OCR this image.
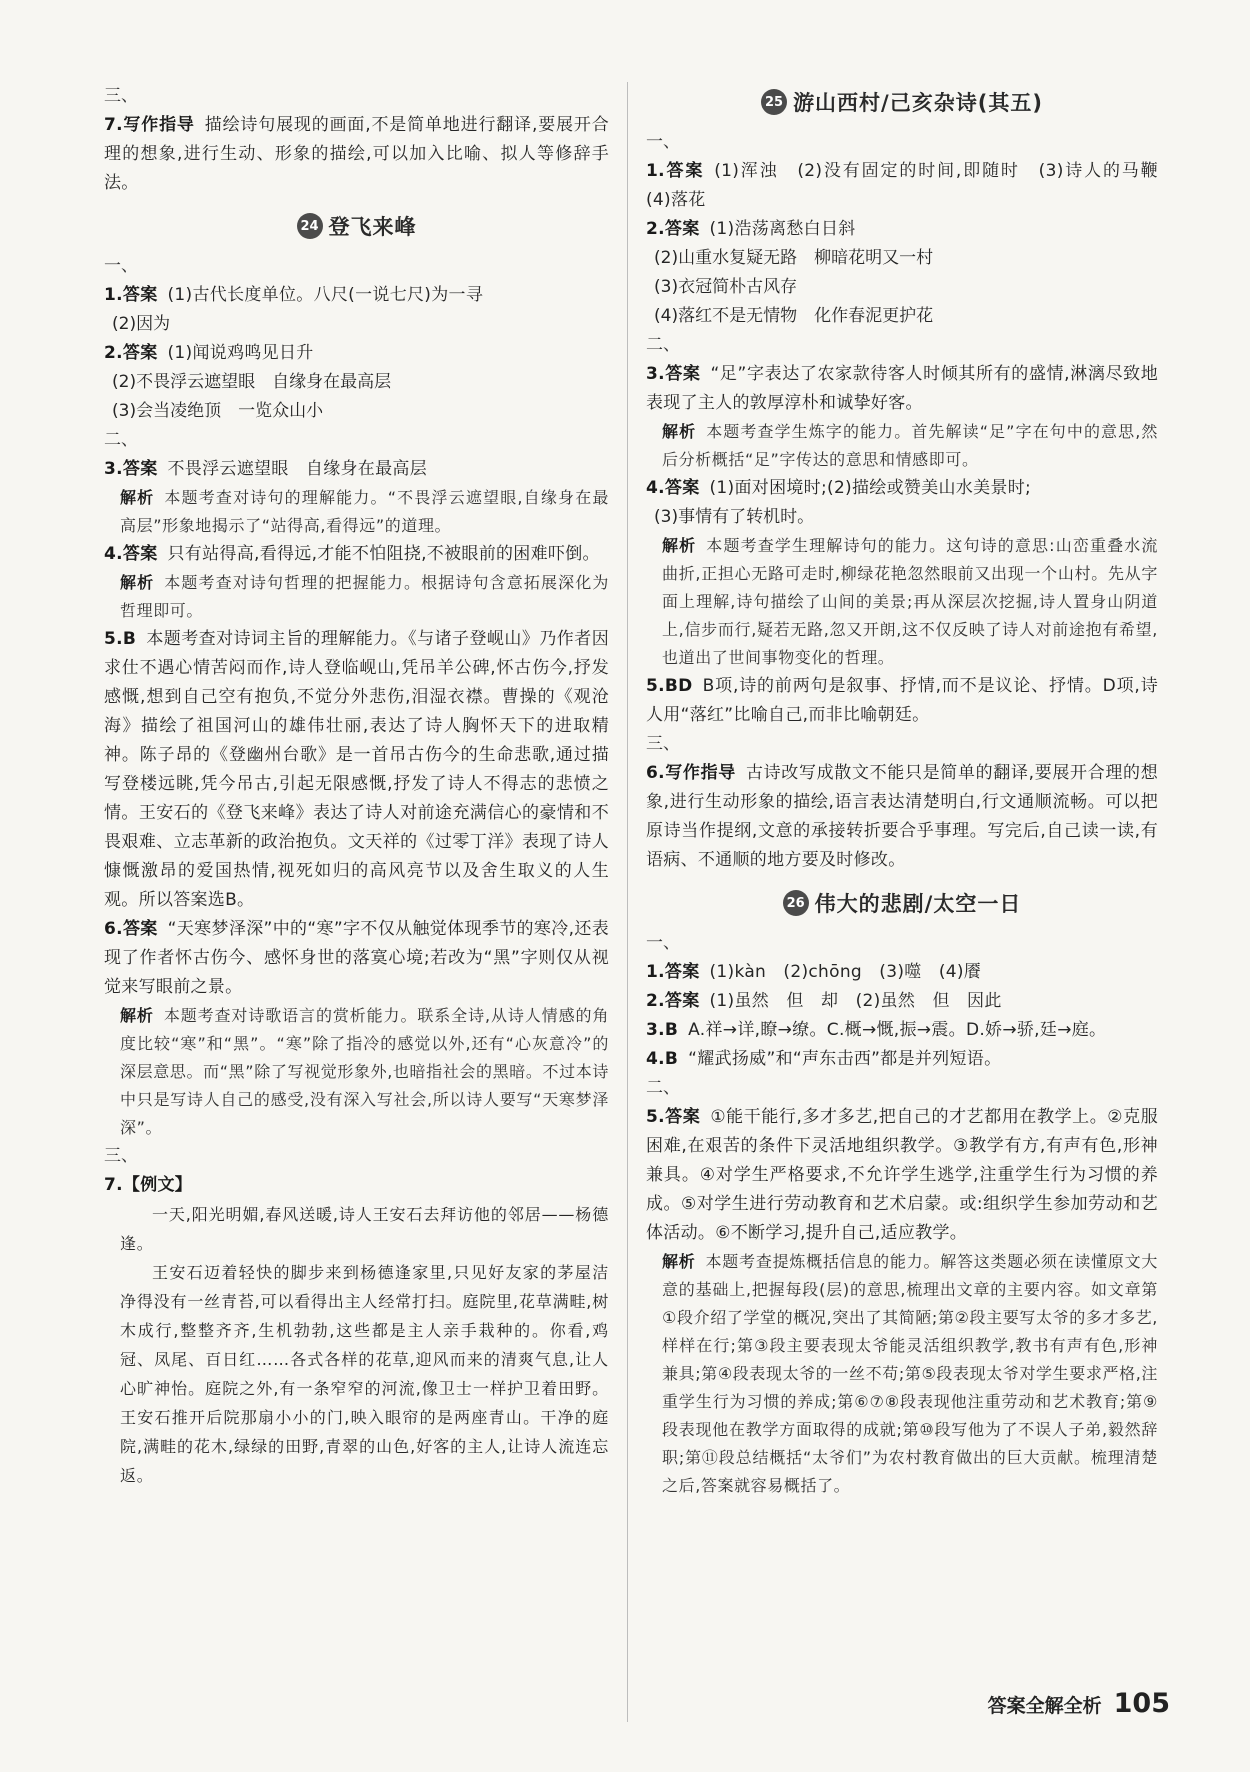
三、
7.写作指导 描绘诗句展现的画面,不是简单地进行翻译,要展开合理的想象,进行生动、形象的描绘,可以加入比喻、拟人等修辞手法。
24 登飞来峰
一、
1.答案 (1)古代长度单位。八尺(一说七尺)为一寻
(2)因为
2.答案 (1)闻说鸡鸣见日升
(2)不畏浮云遮望眼　自缘身在最高层
(3)会当凌绝顶　一览众山小
二、
3.答案 不畏浮云遮望眼　自缘身在最高层
解析 本题考查对诗句的理解能力。“不畏浮云遮望眼,自缘身在最高层”形象地揭示了“站得高,看得远”的道理。
4.答案 只有站得高,看得远,才能不怕阻挠,不被眼前的困难吓倒。
解析 本题考查对诗句哲理的把握能力。根据诗句含意拓展深化为哲理即可。
5.B 本题考查对诗词主旨的理解能力。《与诸子登岘山》乃作者因求仕不遇心情苦闷而作,诗人登临岘山,凭吊羊公碑,怀古伤今,抒发感慨,想到自己空有抱负,不觉分外悲伤,泪湿衣襟。曹操的《观沧海》描绘了祖国河山的雄伟壮丽,表达了诗人胸怀天下的进取精神。陈子昂的《登幽州台歌》是一首吊古伤今的生命悲歌,通过描写登楼远眺,凭今吊古,引起无限感慨,抒发了诗人不得志的悲愤之情。王安石的《登飞来峰》表达了诗人对前途充满信心的豪情和不畏艰难、立志革新的政治抱负。文天祥的《过零丁洋》表现了诗人慷慨激昂的爱国热情,视死如归的高风亮节以及舍生取义的人生观。所以答案选B。
6.答案 “天寒梦泽深”中的“寒”字不仅从触觉体现季节的寒冷,还表现了作者怀古伤今、感怀身世的落寞心境;若改为“黑”字则仅从视觉来写眼前之景。
解析 本题考查对诗歌语言的赏析能力。联系全诗,从诗人情感的角度比较“寒”和“黑”。“寒”除了指冷的感觉以外,还有“心灰意冷”的深层意思。而“黑”除了写视觉形象外,也暗指社会的黑暗。不过本诗中只是写诗人自己的感受,没有深入写社会,所以诗人要写“天寒梦泽深”。
三、
7.【例文】
一天,阳光明媚,春风送暖,诗人王安石去拜访他的邻居——杨德逢。
王安石迈着轻快的脚步来到杨德逢家里,只见好友家的茅屋洁净得没有一丝青苔,可以看得出主人经常打扫。庭院里,花草满畦,树木成行,整整齐齐,生机勃勃,这些都是主人亲手栽种的。你看,鸡冠、凤尾、百日红……各式各样的花草,迎风而来的清爽气息,让人心旷神怡。庭院之外,有一条窄窄的河流,像卫士一样护卫着田野。王安石推开后院那扇小小的门,映入眼帘的是两座青山。干净的庭院,满畦的花木,绿绿的田野,青翠的山色,好客的主人,让诗人流连忘返。
25 游山西村/己亥杂诗(其五)
一、
1.答案 (1)浑浊　(2)没有固定的时间,即随时　(3)诗人的马鞭　(4)落花
2.答案 (1)浩荡离愁白日斜
(2)山重水复疑无路　柳暗花明又一村
(3)衣冠简朴古风存
(4)落红不是无情物　化作春泥更护花
二、
3.答案 “足”字表达了农家款待客人时倾其所有的盛情,淋漓尽致地表现了主人的敦厚淳朴和诚挚好客。
解析 本题考查学生炼字的能力。首先解读“足”字在句中的意思,然后分析概括“足”字传达的意思和情感即可。
4.答案 (1)面对困境时;(2)描绘或赞美山水美景时;
(3)事情有了转机时。
解析 本题考查学生理解诗句的能力。这句诗的意思:山峦重叠水流曲折,正担心无路可走时,柳绿花艳忽然眼前又出现一个山村。先从字面上理解,诗句描绘了山间的美景;再从深层次挖掘,诗人置身山阴道上,信步而行,疑若无路,忽又开朗,这不仅反映了诗人对前途抱有希望,也道出了世间事物变化的哲理。
5.BD B项,诗的前两句是叙事、抒情,而不是议论、抒情。D项,诗人用“落红”比喻自己,而非比喻朝廷。
三、
6.写作指导 古诗改写成散文不能只是简单的翻译,要展开合理的想象,进行生动形象的描绘,语言表达清楚明白,行文通顺流畅。可以把原诗当作提纲,文意的承接转折要合乎事理。写完后,自己读一读,有语病、不通顺的地方要及时修改。
26 伟大的悲剧/太空一日
一、
1.答案 (1)kàn　(2)chōng　(3)噬　(4)餍
2.答案 (1)虽然　但　却　(2)虽然　但　因此
3.B A.祥→详,瞭→缭。C.概→慨,振→震。D.娇→骄,廷→庭。
4.B “耀武扬威”和“声东击西”都是并列短语。
二、
5.答案 ①能干能行,多才多艺,把自己的才艺都用在教学上。②克服困难,在艰苦的条件下灵活地组织教学。③教学有方,有声有色,形神兼具。④对学生严格要求,不允许学生逃学,注重学生行为习惯的养成。⑤对学生进行劳动教育和艺术启蒙。或:组织学生参加劳动和艺体活动。⑥不断学习,提升自己,适应教学。
解析 本题考查提炼概括信息的能力。解答这类题必须在读懂原文大意的基础上,把握每段(层)的意思,梳理出文章的主要内容。如文章第①段介绍了学堂的概况,突出了其简陋;第②段主要写太爷的多才多艺,样样在行;第③段主要表现太爷能灵活组织教学,教书有声有色,形神兼具;第④段表现太爷的一丝不苟;第⑤段表现太爷对学生要求严格,注重学生行为习惯的养成;第⑥⑦⑧段表现他注重劳动和艺术教育;第⑨段表现他在教学方面取得的成就;第⑩段写他为了不误人子弟,毅然辞职;第⑪段总结概括“太爷们”为农村教育做出的巨大贡献。梳理清楚之后,答案就容易概括了。
答案全解全析 105
